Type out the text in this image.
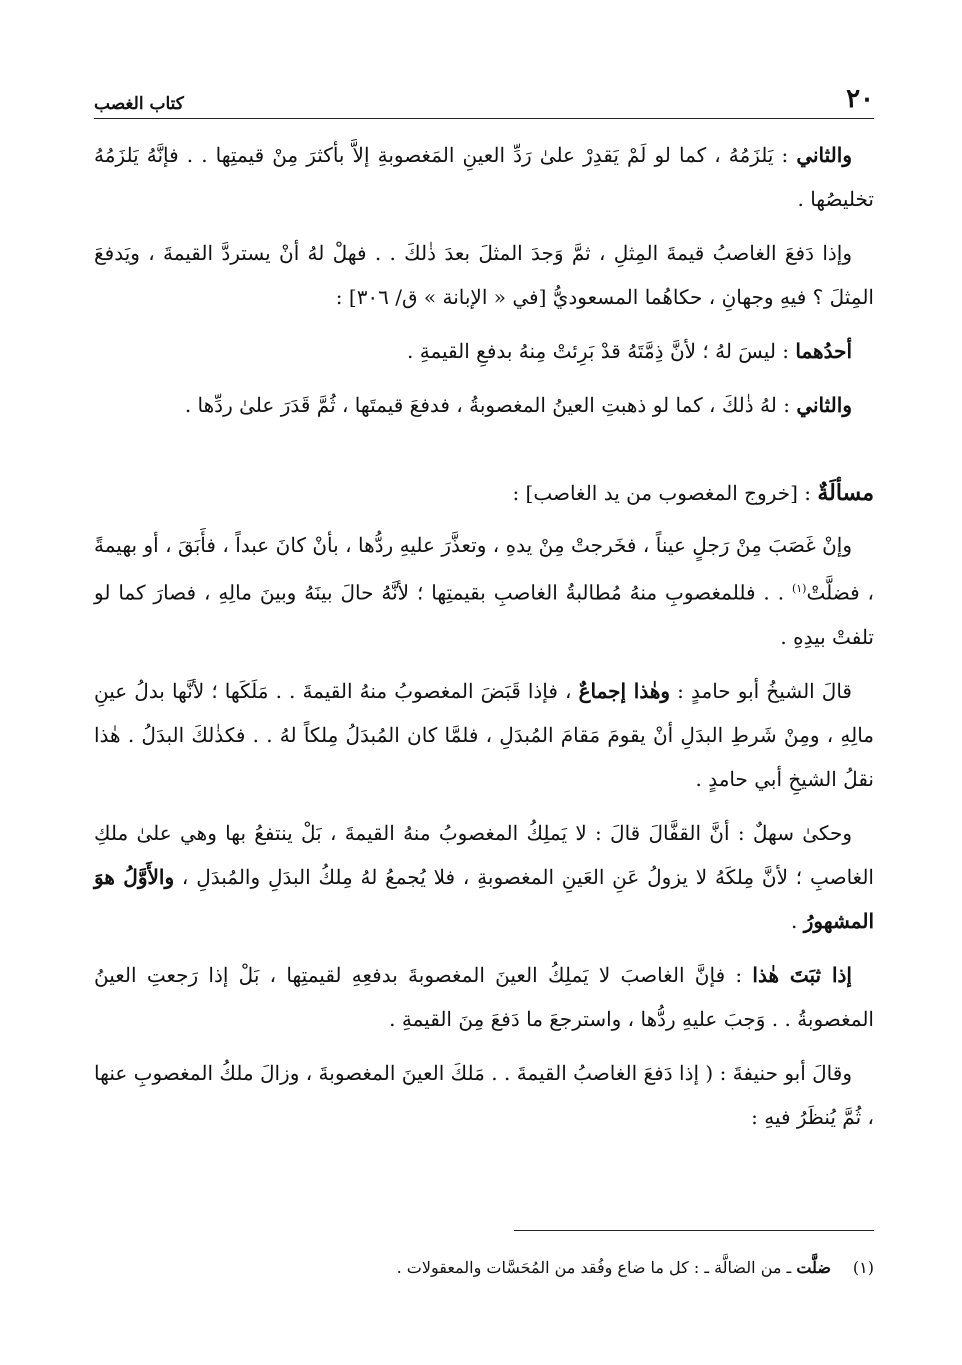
٢٠
كتاب الغصب

والثاني : يَلزَمُهُ ، كما لو لَمْ يَقدِرْ علىٰ رَدِّ العينِ المَغصوبةِ إلاَّ بأكثرَ مِنْ قيمتِها . . فإنَّهُ يَلزَمُهُ تخليصُها .

وإذا دَفعَ الغاصبُ قيمةَ المِثلِ ، ثمَّ وَجدَ المثلَ بعدَ ذٰلكَ . . فهلْ لهُ أنْ يستردَّ القيمةَ ، ويَدفعَ المِثلَ ؟ فيهِ وجهانِ ، حكاهُما المسعوديُّ [في « الإبانة » ق/ ٣٠٦] :

أحدُهما : ليسَ لهُ ؛ لأنَّ ذِمَّتَهُ قدْ بَرِئتْ مِنهُ بدفعِ القيمةِ .

والثاني : لهُ ذٰلكَ ، كما لو ذهبتِ العينُ المغصوبةُ ، فدفعَ قيمتَها ، ثُمَّ قَدَرَ علىٰ ردِّها .

مسألَةٌ : [خروج المغصوب من يد الغاصب] :

وإنْ غَصَبَ مِنْ رَجلٍ عيناً ، فخَرجتْ مِنْ يدهِ ، وتعذَّرَ عليهِ ردُّها ، بأنْ كانَ عبداً ، فأَبَقَ ، أو بهيمةً ، فضلَّتْ$^{(١)}$ . . فللمغصوبِ منهُ مُطالبةُ الغاصبِ بقيمتِها ؛ لأنَّهُ حالَ بينَهُ وبينَ مالِهِ ، فصارَ كما لو تلفتْ بيدِهِ .

قالَ الشيخُ أبو حامدٍ : وهٰذا إجماعٌ ، فإذا قَبَضَ المغصوبُ منهُ القيمةَ . . مَلَكَها ؛ لأنَّها بدلُ عينِ مالِهِ ، ومِنْ شَرطِ البدَلِ أنْ يقومَ مَقامَ المُبدَلِ ، فلمَّا كان المُبدَلُ مِلكاً لهُ . . فكذٰلكَ البدَلُ . هٰذا نقلُ الشيخِ أبي حامدٍ .

وحكىٰ سهلٌ : أنَّ القفَّالَ قالَ : لا يَملِكُ المغصوبُ منهُ القيمةَ ، بَلْ ينتفعُ بها وهي علىٰ ملكِ الغاصبِ ؛ لأنَّ مِلكَهُ لا يزولُ عَنِ العَينِ المغصوبةِ ، فلا يُجمعُ لهُ مِلكُ البدَلِ والمُبدَلِ ، والأَوَّلُ هوَ المشهورُ .

إذا ثبَتَ هٰذا : فإنَّ الغاصبَ لا يَملِكُ العينَ المغصوبةَ بدفعِهِ لقيمتِها ، بَلْ إذا رَجعتِ العينُ المغصوبةُ . . وَجبَ عليهِ ردُّها ، واسترجعَ ما دَفعَ مِنَ القيمةِ .

وقالَ أبو حنيفةَ : ( إذا دَفعَ الغاصبُ القيمةَ . . مَلكَ العينَ المغصوبةَ ، وزالَ ملكُ المغصوبِ عنها ، ثُمَّ يُنظَرُ فيهِ :

(١)ضلَّت ـ من الضالَّة ـ : كل ما ضاع وفُقد من المُحَسَّات والمعقولات .
